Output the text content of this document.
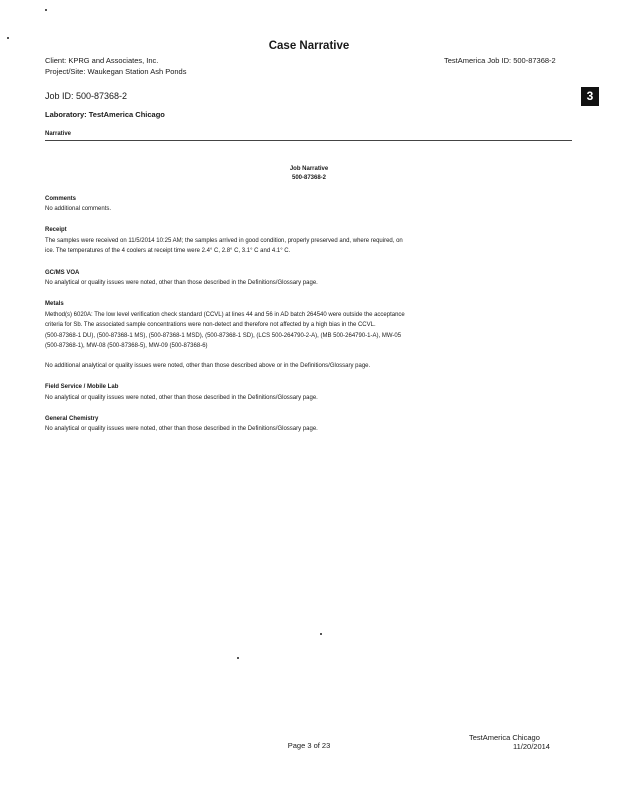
Case Narrative
Client: KPRG and Associates, Inc.
Project/Site: Waukegan Station Ash Ponds
TestAmerica Job ID: 500-87368-2
Job ID: 500-87368-2
Laboratory: TestAmerica Chicago
3
Narrative
Job Narrative
500-87368-2
Comments
No additional comments.
Receipt
The samples were received on 11/5/2014 10:25 AM; the samples arrived in good condition, properly preserved and, where required, on
ice. The temperatures of the 4 coolers at receipt time were 2.4° C, 2.8° C, 3.1° C and 4.1° C.
GC/MS VOA
No analytical or quality issues were noted, other than those described in the Definitions/Glossary page.
Metals
Method(s) 6020A: The low level verification check standard (CCVL) at lines 44 and 56 in AD batch 264540 were outside the acceptance
criteria for Sb. The associated sample concentrations were non-detect and therefore not affected by a high bias in the CCVL.
(500-87368-1 DU), (500-87368-1 MS), (500-87368-1 MSD), (500-87368-1 SD), (LCS 500-264790-2-A), (MB 500-264790-1-A), MW-05
(500-87368-1), MW-08 (500-87368-5), MW-09 (500-87368-6)
No additional analytical or quality issues were noted, other than those described above or in the Definitions/Glossary page.
Field Service / Mobile Lab
No analytical or quality issues were noted, other than those described in the Definitions/Glossary page.
General Chemistry
No analytical or quality issues were noted, other than those described in the Definitions/Glossary page.
Page 3 of 23
TestAmerica Chicago
11/20/2014
